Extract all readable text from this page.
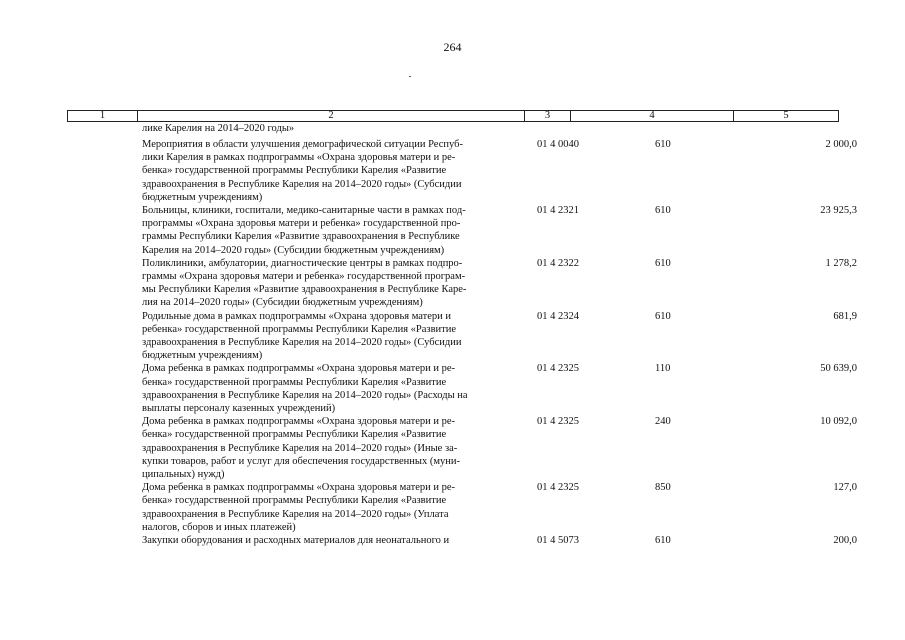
264
1	2	3	4	5
лике Карелия на 2014–2020 годы»
Мероприятия в области улучшения демографической ситуации Респуб-
лики Карелия в рамках подпрограммы «Охрана здоровья матери и ре-
бенка» государственной программы Республики Карелия «Развитие
здравоохранения в Республике Карелия на 2014–2020 годы» (Субсидии
бюджетным учреждениям)
01 4 0040	610	2 000,0
Больницы, клиники, госпитали, медико-санитарные части в рамках под-
программы «Охрана здоровья матери и ребенка» государственной про-
граммы Республики Карелия «Развитие здравоохранения в Республике
Карелия на 2014–2020 годы» (Субсидии бюджетным учреждениям)
01 4 2321	610	23 925,3
Поликлиники, амбулатории, диагностические центры в рамках подпро-
граммы «Охрана здоровья матери и ребенка» государственной програм-
мы Республики Карелия «Развитие здравоохранения в Республике Каре-
лия на 2014–2020 годы» (Субсидии бюджетным учреждениям)
01 4 2322	610	1 278,2
Родильные дома в рамках подпрограммы «Охрана здоровья матери и
ребенка» государственной программы Республики Карелия «Развитие
здравоохранения в Республике Карелия на 2014–2020 годы» (Субсидии
бюджетным учреждениям)
01 4 2324	610	681,9
Дома ребенка в рамках подпрограммы «Охрана здоровья матери и ре-
бенка» государственной программы Республики Карелия «Развитие
здравоохранения в Республике Карелия на 2014–2020 годы» (Расходы на
выплаты персоналу казенных учреждений)
01 4 2325	110	50 639,0
Дома ребенка в рамках подпрограммы «Охрана здоровья матери и ре-
бенка» государственной программы Республики Карелия «Развитие
здравоохранения в Республике Карелия на 2014–2020 годы» (Иные за-
купки товаров, работ и услуг для обеспечения государственных (муни-
ципальных) нужд)
01 4 2325	240	10 092,0
Дома ребенка в рамках подпрограммы «Охрана здоровья матери и ре-
бенка» государственной программы Республики Карелия «Развитие
здравоохранения в Республике Карелия на 2014–2020 годы» (Уплата
налогов, сборов и иных платежей)
01 4 2325	850	127,0
Закупки оборудования и расходных материалов для неонатального и	01 4 5073	610	200,0
